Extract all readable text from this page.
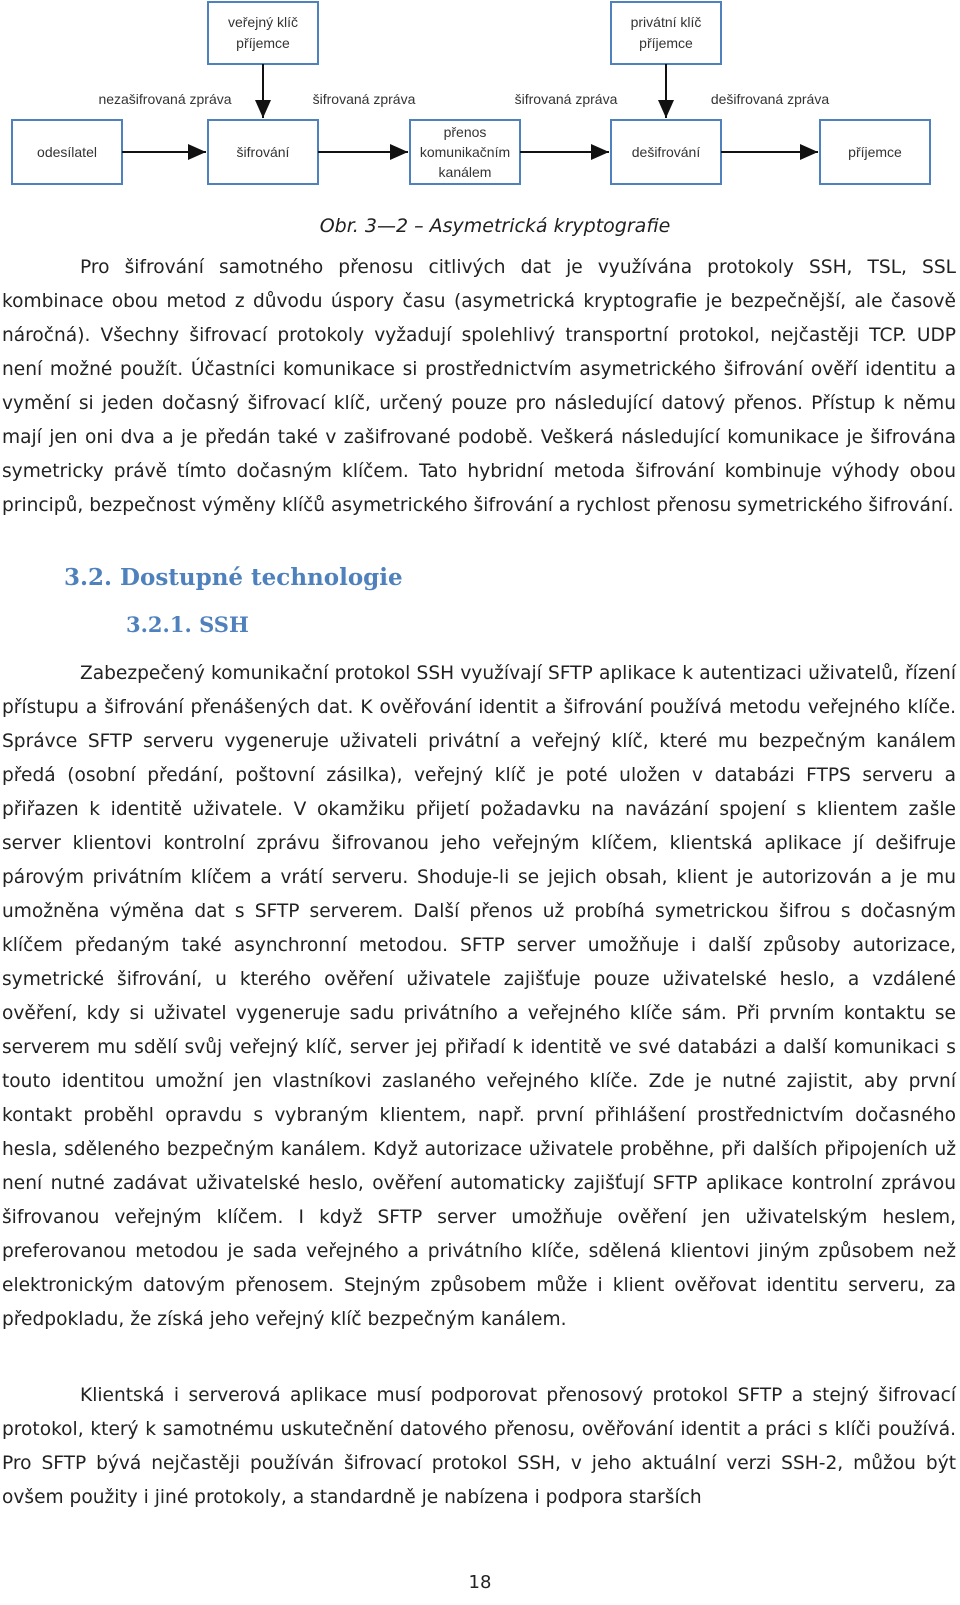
veřejný klíč
příjemce
privátní klíč
příjemce
odesílatel	šifrování
přenos
komunikačním
kanálem
dešifrování	příjemce
nezašifrovaná zpráva	šifrovaná zpráva	šifrovaná zpráva	dešifrovaná zpráva
Obr. 3—2 – Asymetrická kryptografie

Pro šifrování samotného přenosu citlivých dat je využívána protokoly SSH, TSL, SSL kombinace obou metod z důvodu úspory času (asymetrická kryptografie je bezpečnější, ale časově náročná). Všechny šifrovací protokoly vyžadují spolehlivý transportní protokol, nejčastěji TCP. UDP není možné použít. Účastníci komunikace si prostřednictvím asymetrického šifrování ověří identitu a vymění si jeden dočasný šifrovací klíč, určený pouze pro následující datový přenos. Přístup k němu mají jen oni dva a je předán také v zašifrované podobě. Veškerá následující komunikace je šifrována symetricky právě tímto dočasným klíčem. Tato hybridní metoda šifrování kombinuje výhody obou principů, bezpečnost výměny klíčů asymetrického šifrování a rychlost přenosu symetrického šifrování.

3.2. Dostupné technologie
3.2.1. SSH

Zabezpečený komunikační protokol SSH využívají SFTP aplikace k autentizaci uživatelů, řízení přístupu a šifrování přenášených dat. K ověřování identit a šifrování používá metodu veřejného klíče. Správce SFTP serveru vygeneruje uživateli privátní a veřejný klíč, které mu bezpečným kanálem předá (osobní předání, poštovní zásilka), veřejný klíč je poté uložen v databázi FTPS serveru a přiřazen k identitě uživatele. V okamžiku přijetí požadavku na navázání spojení s klientem zašle server klientovi kontrolní zprávu šifrovanou jeho veřejným klíčem, klientská aplikace jí dešifruje párovým privátním klíčem a vrátí serveru. Shoduje-li se jejich obsah, klient je autorizován a je mu umožněna výměna dat s SFTP serverem. Další přenos už probíhá symetrickou šifrou s dočasným klíčem předaným také asynchronní metodou. SFTP server umožňuje i další způsoby autorizace, symetrické šifrování, u kterého ověření uživatele zajišťuje pouze uživatelské heslo, a vzdálené ověření, kdy si uživatel vygeneruje sadu privátního a veřejného klíče sám. Při prvním kontaktu se serverem mu sdělí svůj veřejný klíč, server jej přiřadí k identitě ve své databázi a další komunikaci s touto identitou umožní jen vlastníkovi zaslaného veřejného klíče. Zde je nutné zajistit, aby první kontakt proběhl opravdu s vybraným klientem, např. první přihlášení prostřednictvím dočasného hesla, sděleného bezpečným kanálem. Když autorizace uživatele proběhne, při dalších připojeních už není nutné zadávat uživatelské heslo, ověření automaticky zajišťují SFTP aplikace kontrolní zprávou šifrovanou veřejným klíčem. I když SFTP server umožňuje ověření jen uživatelským heslem, preferovanou metodou je sada veřejného a privátního klíče, sdělená klientovi jiným způsobem než elektronickým datovým přenosem. Stejným způsobem může i klient ověřovat identitu serveru, za předpokladu, že získá jeho veřejný klíč bezpečným kanálem.

Klientská i serverová aplikace musí podporovat přenosový protokol SFTP a stejný šifrovací protokol, který k samotnému uskutečnění datového přenosu, ověřování identit a práci s klíči používá. Pro SFTP bývá nejčastěji používán šifrovací protokol SSH, v jeho aktuální verzi SSH-2, můžou být ovšem použity i jiné protokoly, a standardně je nabízena i podpora starších

18
